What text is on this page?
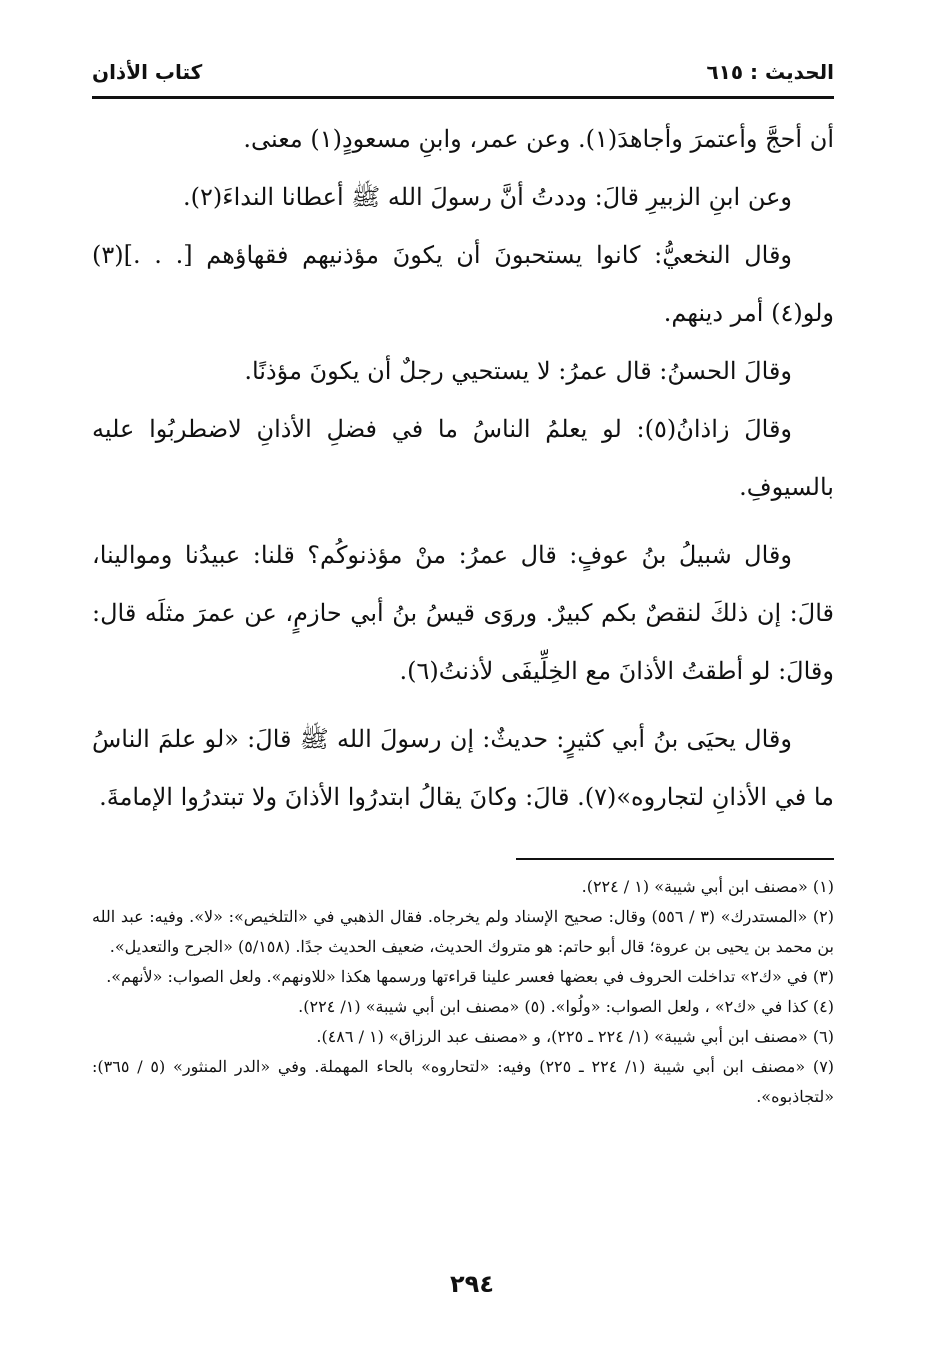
الحديث : ٦١٥
كتاب الأذان

أن أحجَّ وأعتمرَ وأجاهدَ(١). وعن عمر، وابنِ مسعودٍ(١) معنى.

وعن ابنِ الزبيرِ قالَ: وددتُ أنَّ رسولَ الله ﷺ أعطانا النداءَ(٢).

وقال النخعيُّ: كانوا يستحبونَ أن يكونَ مؤذنيهم فقهاؤهم [. . .](٣) ولو(٤) أمر دينهم.

وقالَ الحسنُ: قال عمرُ: لا يستحيي رجلٌ أن يكونَ مؤذنًا.

وقالَ زاذانُ(٥): لو يعلمُ الناسُ ما في فضلِ الأذانِ لاضطربُوا عليه بالسيوفِ.

وقال شبيلُ بنُ عوفٍ: قال عمرُ: منْ مؤذنوكُم؟ قلنا: عبيدُنا وموالينا، قالَ: إن ذلكَ لنقصٌ بكم كبيرٌ. وروَى قيسُ بنُ أبي حازمٍ، عن عمرَ مثلَه قال: وقالَ: لو أطقتُ الأذانَ مع الخِلِّيفَى لأذنتُ(٦).

وقال يحيَى بنُ أبي كثيرٍ: حديثٌ: إن رسولَ الله ﷺ قالَ: «لو علمَ الناسُ ما في الأذانِ لتجاروه»(٧). قالَ: وكانَ يقالُ ابتدرُوا الأذانَ ولا تبتدرُوا الإمامةَ.

(١) «مصنف ابن أبي شيبة» (١ / ٢٢٤).

(٢) «المستدرك» (٣ / ٥٥٦) وقال: صحيح الإسناد ولم يخرجاه. فقال الذهبي في «التلخيص»: «لا». وفيه: عبد الله بن محمد بن يحيى بن عروة؛ قال أبو حاتم: هو متروك الحديث، ضعيف الحديث جدًا. (٥/١٥٨) «الجرح والتعديل».

(٣) في «ك٢» تداخلت الحروف في بعضها فعسر علينا قراءتها ورسمها هكذا «للاونهم». ولعل الصواب: «لأنهم».

(٤) كذا في «ك٢» ، ولعل الصواب: «ولُوا». (٥) «مصنف ابن أبي شيبة» (١/ ٢٢٤).

(٦) «مصنف ابن أبي شيبة» (١/ ٢٢٤ ـ ٢٢٥)، و «مصنف عبد الرزاق» (١ / ٤٨٦).

(٧) «مصنف ابن أبي شيبة (١/ ٢٢٤ ـ ٢٢٥) وفيه: «لتحاروه» بالحاء المهملة. وفي «الدر المنثور» (٥ / ٣٦٥): «لتجاذبوه».

٢٩٤
